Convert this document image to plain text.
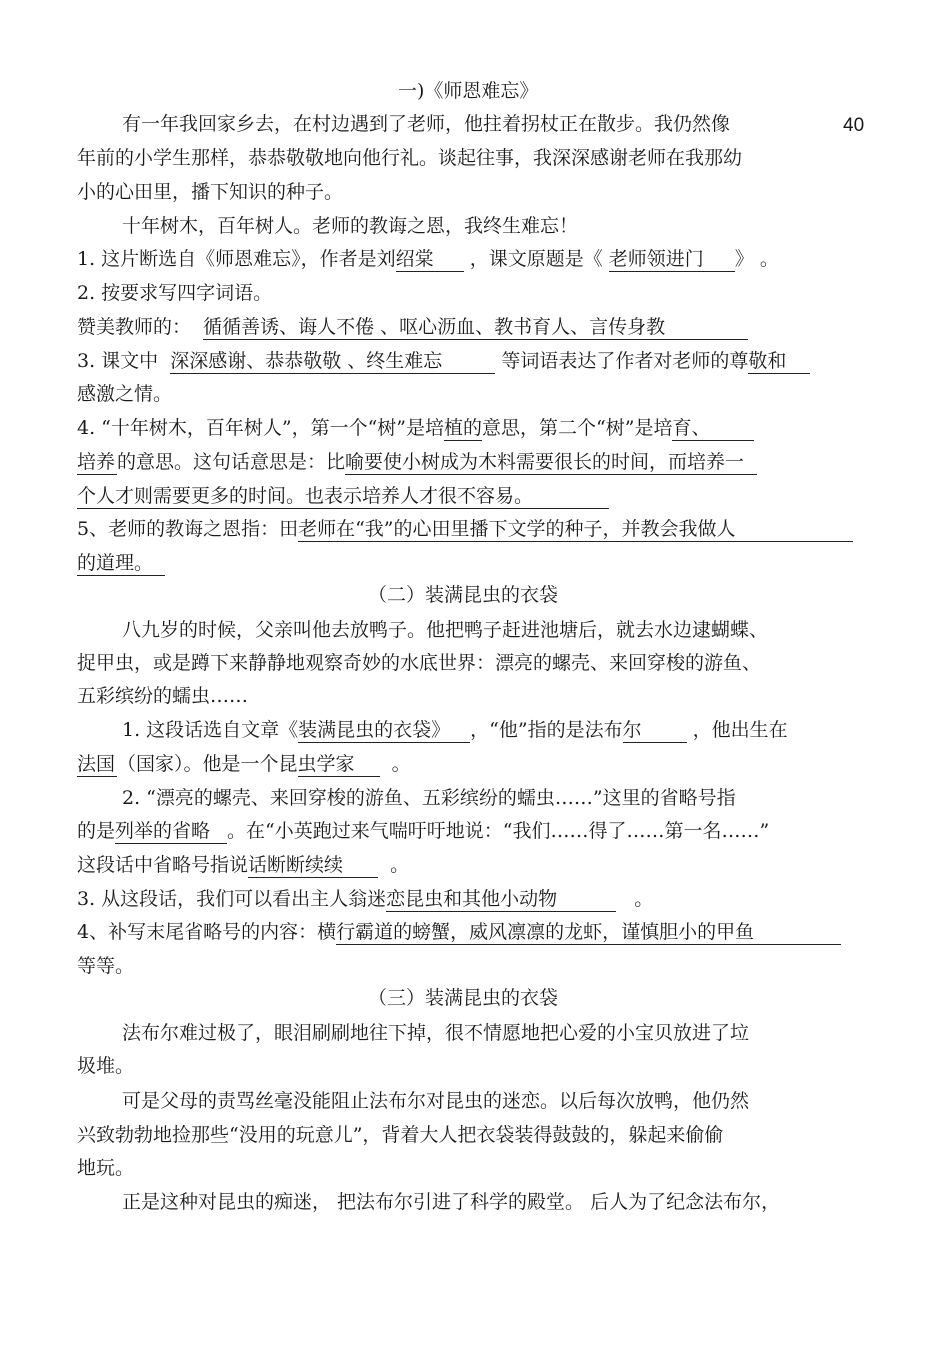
一)《师恩难忘》
40
有一年我回家乡去，在村边遇到了老师，他拄着拐杖正在散步。我仍然像
年前的小学生那样，恭恭敬敬地向他行礼。谈起往事，我深深感谢老师在我那幼
小的心田里，播下知识的种子。
十年树木，百年树人。老师的教诲之恩，我终生难忘！
1. 这片断选自《师恩难忘》，作者是刘绍棠 ，课文原题是《 老师领进门 》 。
2. 按要求写四字词语。
赞美教师的： 循循善诱、诲人不倦 、呕心沥血、教书育人、言传身教
3. 课文中 深深感谢、恭恭敬敬 、终生难忘	等词语表达了作者对老师的尊敬和
感激之情。
4. “十年树木，百年树人”，第一个“树”是培植的意思，第二个“树”是培育、
培养 的意思。这句话意思是：比喻要使小树成为木料需要很长的时间，而培养一
个人才则需要更多的时间。也表示培养人才很不容易。
5、老师的教诲之恩指：田老师在“我”的心田里播下文学的种子，并教会我做人
的道理。
（二）装满昆虫的衣袋
八九岁的时候，父亲叫他去放鸭子。他把鸭子赶进池塘后，就去水边逮蝴蝶、
捉甲虫，或是蹲下来静静地观察奇妙的水底世界：漂亮的螺壳、来回穿梭的游鱼、
五彩缤纷的蠕虫……
1. 这段话选自文章《装满昆虫的衣袋》 ，“他”指的是法布尔	，他出生在
法国 （国家）。他是一个昆虫学家 。
2. “漂亮的螺壳、来回穿梭的游鱼、五彩缤纷的蠕虫……”这里的省略号指
的是列举的省略 。在“小英跑过来气喘吁吁地说：“我们……得了……第一名……”
这段话中省略号指说话断断续续 。
3. 从这段话，我们可以看出主人翁迷恋昆虫和其他小动物	。
4、补写末尾省略号的内容：横行霸道的螃蟹，威风凛凛的龙虾，谨慎胆小的甲鱼
等等。
（三）装满昆虫的衣袋
法布尔难过极了，眼泪刷刷地往下掉，很不情愿地把心爱的小宝贝放进了垃
圾堆。
可是父母的责骂丝毫没能阻止法布尔对昆虫的迷恋。以后每次放鸭，他仍然
兴致勃勃地捡那些“没用的玩意儿”，背着大人把衣袋装得鼓鼓的，躲起来偷偷
地玩。
正是这种对昆虫的痴迷， 把法布尔引进了科学的殿堂。 后人为了纪念法布尔，
